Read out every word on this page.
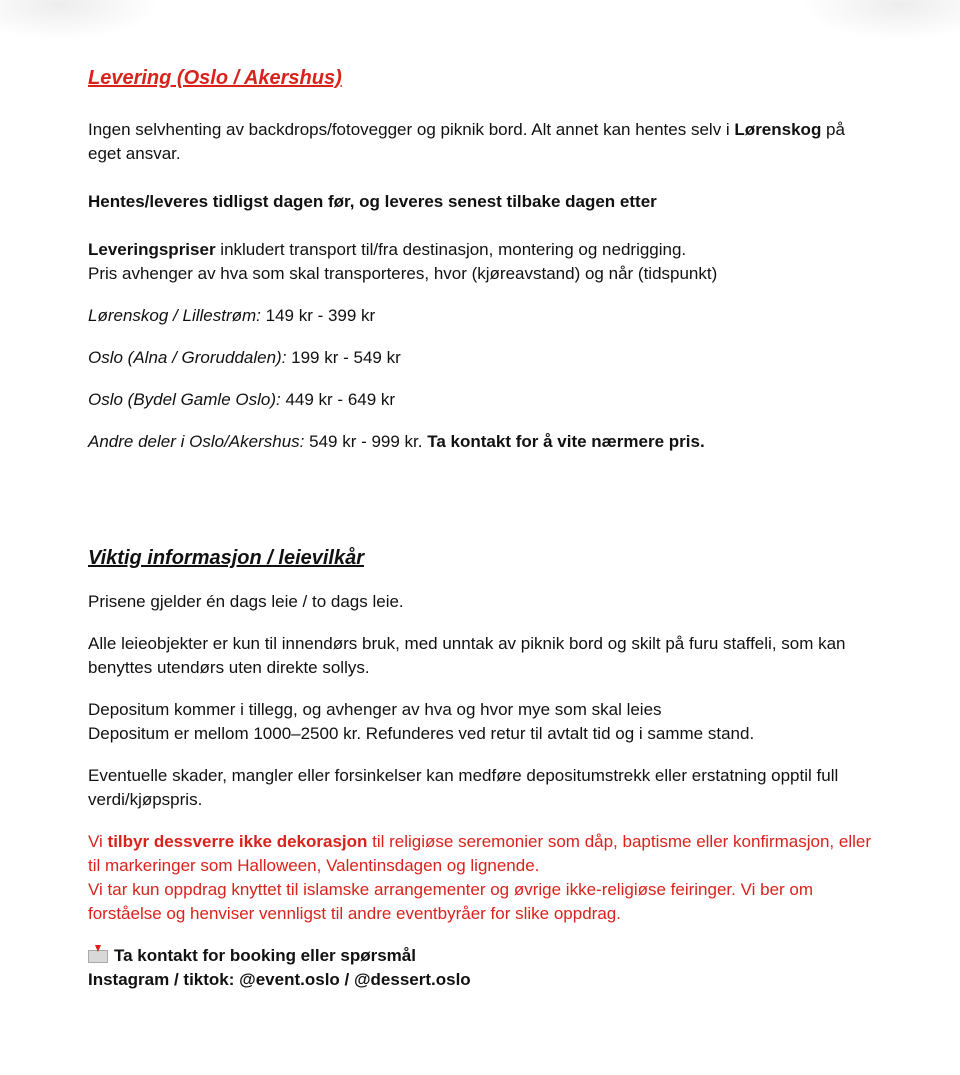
Levering (Oslo / Akershus)

Ingen selvhenting av backdrops/fotovegger og piknik bord. Alt annet kan hentes selv i Lørenskog på eget ansvar.

Hentes/leveres tidligst dagen før, og leveres senest tilbake dagen etter

Leveringspriser inkludert transport til/fra destinasjon, montering og nedrigging.
Pris avhenger av hva som skal transporteres, hvor (kjøreavstand) og når (tidspunkt)

Lørenskog / Lillestrøm: 149 kr - 399 kr

Oslo (Alna / Groruddalen): 199 kr - 549 kr

Oslo (Bydel Gamle Oslo): 449 kr - 649 kr

Andre deler i Oslo/Akershus: 549 kr - 999 kr. Ta kontakt for å vite nærmere pris.

Viktig informasjon / leievilkår

Prisene gjelder én dags leie / to dags leie.

Alle leieobjekter er kun til innendørs bruk, med unntak av piknik bord og skilt på furu staffeli, som kan benyttes utendørs uten direkte sollys.

Depositum kommer i tillegg, og avhenger av hva og hvor mye som skal leies
Depositum er mellom 1000–2500 kr. Refunderes ved retur til avtalt tid og i samme stand.

Eventuelle skader, mangler eller forsinkelser kan medføre depositumstrekk eller erstatning opptil full verdi/kjøpspris.

Vi tilbyr dessverre ikke dekorasjon til religiøse seremonier som dåp, baptisme eller konfirmasjon, eller til markeringer som Halloween, Valentinsdagen og lignende.
Vi tar kun oppdrag knyttet til islamske arrangementer og øvrige ikke-religiøse feiringer. Vi ber om forståelse og henviser vennligst til andre eventbyråer for slike oppdrag.

Ta kontakt for booking eller spørsmål
Instagram / tiktok: @event.oslo / @dessert.oslo
